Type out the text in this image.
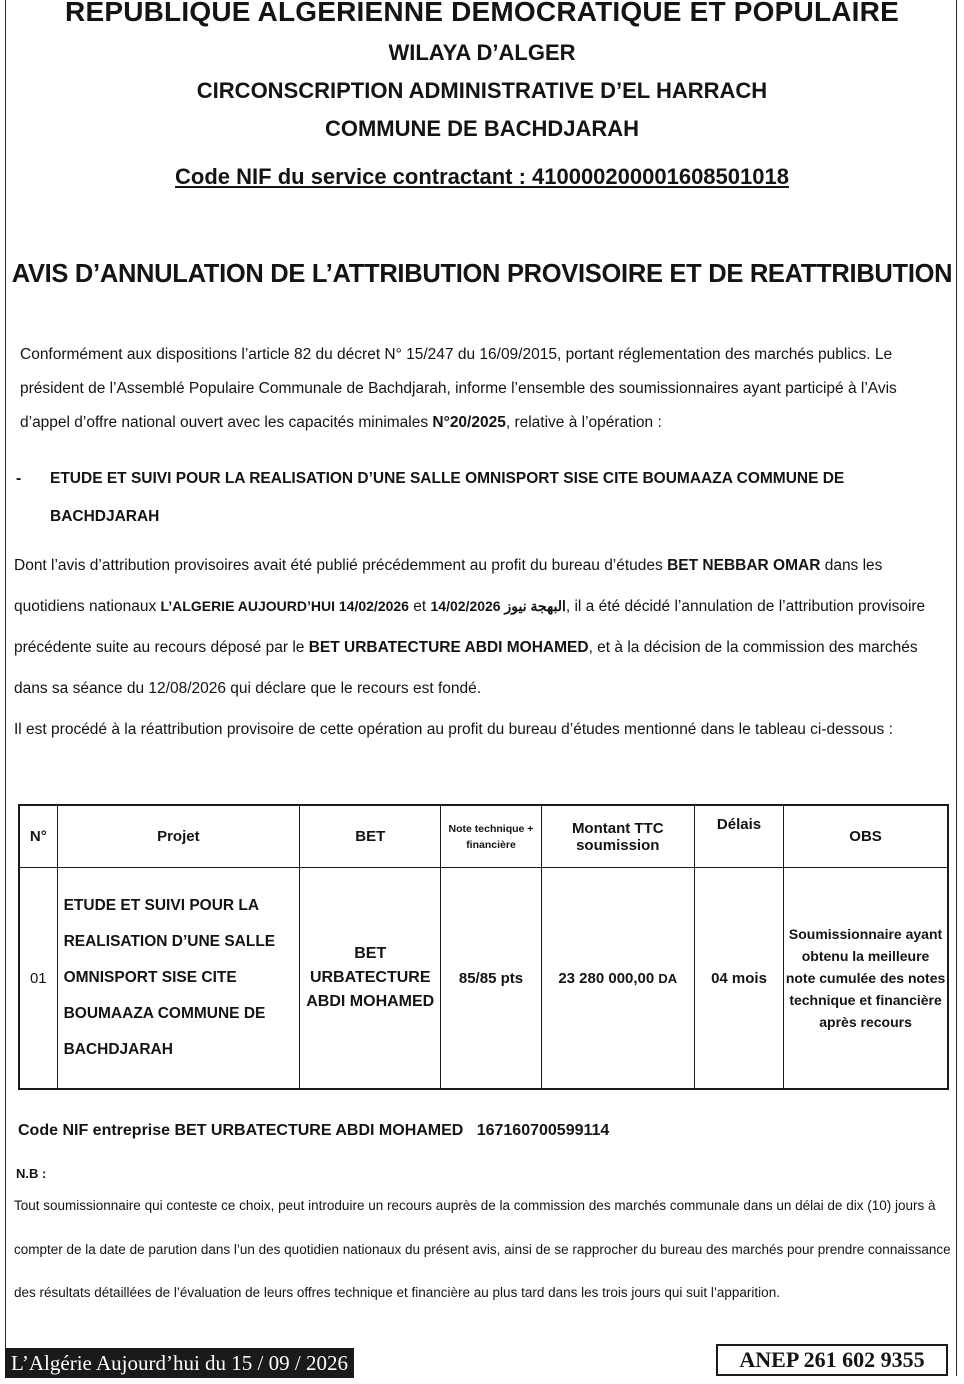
REPUBLIQUE ALGERIENNE DEMOCRATIQUE ET POPULAIRE
WILAYA D’ALGER
CIRCONSCRIPTION ADMINISTRATIVE D’EL HARRACH
COMMUNE DE BACHDJARAH
Code NIF du service contractant : 410000200001608501018
AVIS D’ANNULATION DE L’ATTRIBUTION PROVISOIRE ET DE REATTRIBUTION
Conformément aux dispositions l’article 82 du décret N° 15/247 du 16/09/2015, portant réglementation des marchés publics. Le président de l’Assemblé Populaire Communale de Bachdjarah, informe l’ensemble des soumissionnaires ayant participé à l’Avis d’appel d’offre national ouvert avec les capacités minimales N°20/2025, relative à l’opération :
- ETUDE ET SUIVI POUR LA REALISATION D’UNE SALLE OMNISPORT SISE CITE BOUMAAZA COMMUNE DE BACHDJARAH
Dont l’avis d’attribution provisoires avait été publié précédemment au profit du bureau d’études BET NEBBAR OMAR dans les quotidiens nationaux L’ALGERIE AUJOURD’HUI 14/02/2026 et البهجة نيوز 14/02/2026, il a été décidé l’annulation de l’attribution provisoire précédente suite au recours déposé par le BET URBATECTURE ABDI MOHAMED, et à la décision de la commission des marchés dans sa séance du 12/08/2026 qui déclare que le recours est fondé.
Il est procédé à la réattribution provisoire de cette opération au profit du bureau d’études mentionné dans le tableau ci-dessous :
N°	Projet	BET	Note technique + financière	Montant TTC soumission	Délais	OBS
01	ETUDE ET SUIVI POUR LA REALISATION D’UNE SALLE OMNISPORT SISE CITE BOUMAAZA COMMUNE DE BACHDJARAH	BET URBATECTURE ABDI MOHAMED	85/85 pts	23 280 000,00 DA	04 mois	Soumissionnaire ayant obtenu la meilleure note cumulée des notes technique et financière après recours
Code NIF entreprise BET URBATECTURE ABDI MOHAMED 167160700599114
N.B :
Tout soumissionnaire qui conteste ce choix, peut introduire un recours auprès de la commission des marchés communale dans un délai de dix (10) jours à compter de la date de parution dans l’un des quotidien nationaux du présent avis, ainsi de se rapprocher du bureau des marchés pour prendre connaissance des résultats détaillées de l’évaluation de leurs offres technique et financière au plus tard dans les trois jours qui suit l’apparition.
L’Algérie Aujourd’hui du 15 / 09 / 2026	ANEP 261 602 9355
